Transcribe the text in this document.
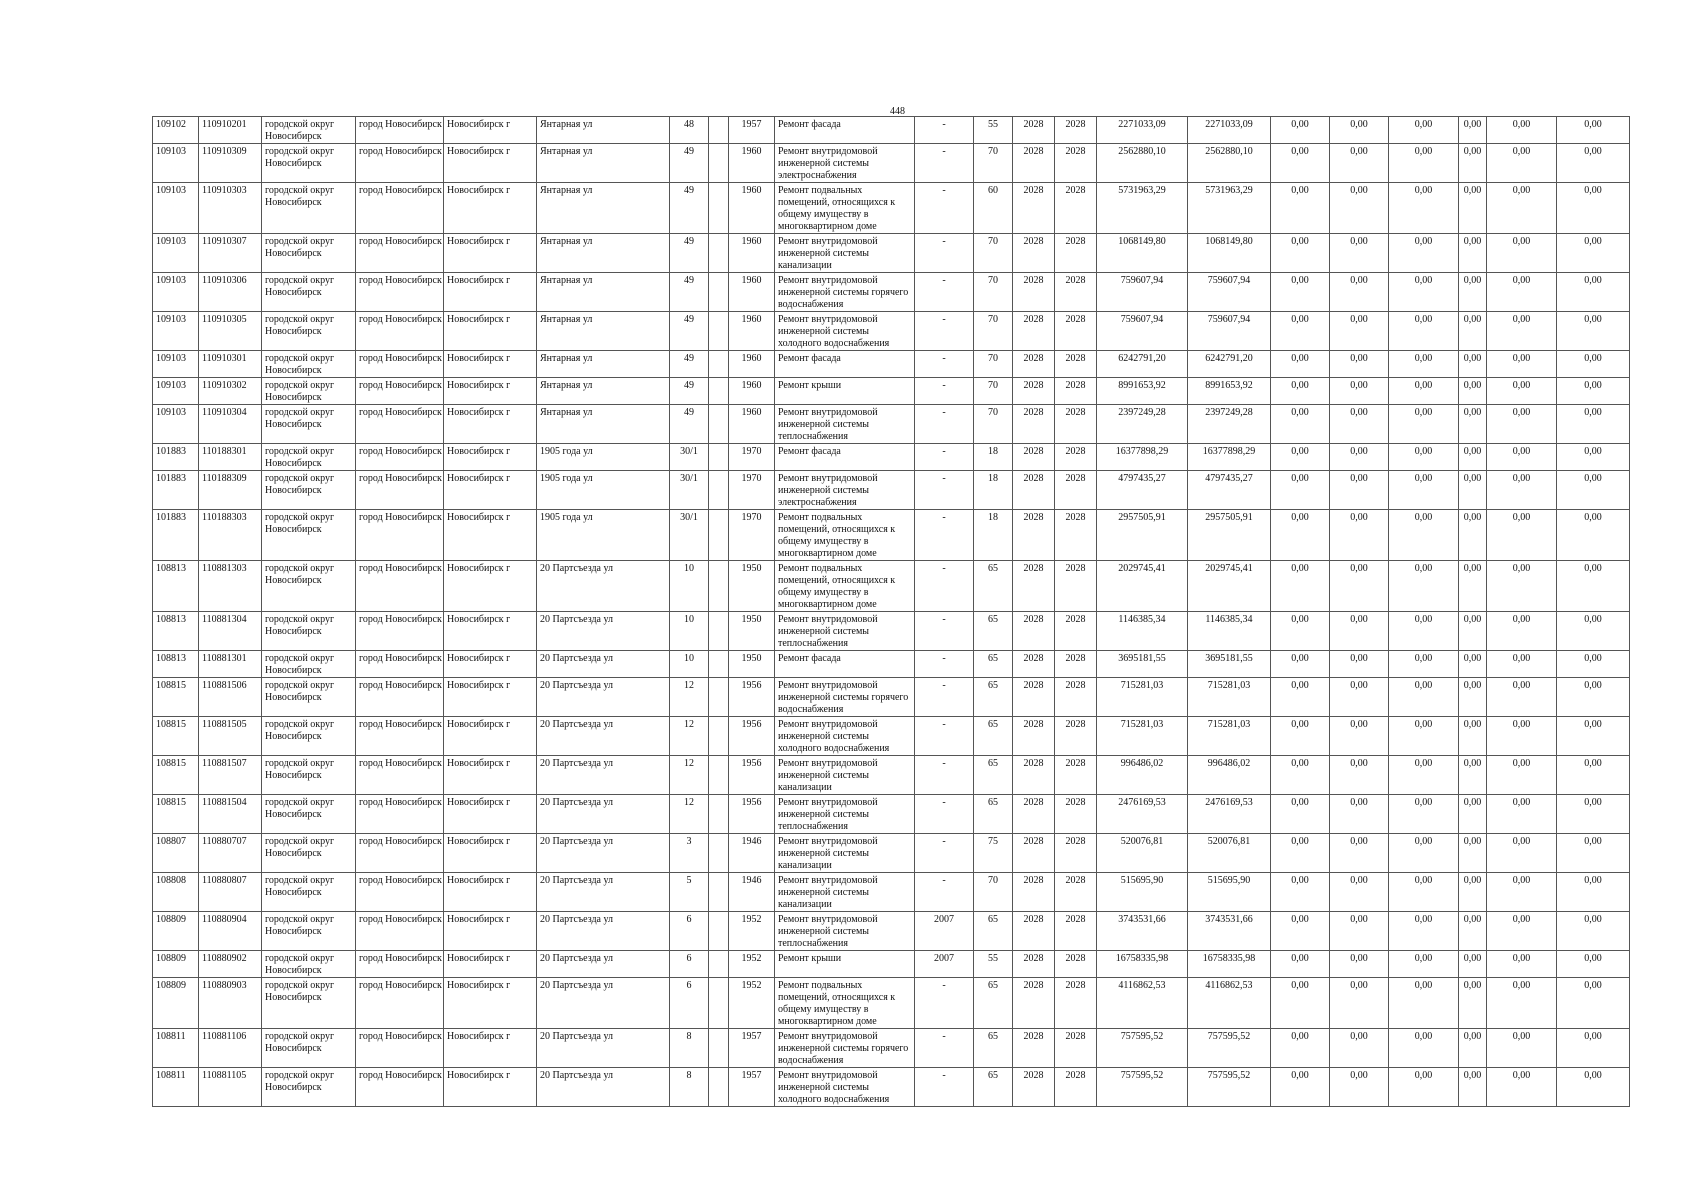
448
109102	110910201	городской округ Новосибирск	город Новосибирск	Новосибирск г	Янтарная ул	48		1957	Ремонт фасада	-	55	2028	2028	2271033,09	2271033,09	0,00	0,00	0,00	0,00	0,00	0,00
109103	110910309	городской округ Новосибирск	город Новосибирск	Новосибирск г	Янтарная ул	49		1960	Ремонт внутридомовой инженерной системы электроснабжения	-	70	2028	2028	2562880,10	2562880,10	0,00	0,00	0,00	0,00	0,00	0,00
109103	110910303	городской округ Новосибирск	город Новосибирск	Новосибирск г	Янтарная ул	49		1960	Ремонт подвальных помещений, относящихся к общему имуществу в многоквартирном доме	-	60	2028	2028	5731963,29	5731963,29	0,00	0,00	0,00	0,00	0,00	0,00
109103	110910307	городской округ Новосибирск	город Новосибирск	Новосибирск г	Янтарная ул	49		1960	Ремонт внутридомовой инженерной системы канализации	-	70	2028	2028	1068149,80	1068149,80	0,00	0,00	0,00	0,00	0,00	0,00
109103	110910306	городской округ Новосибирск	город Новосибирск	Новосибирск г	Янтарная ул	49		1960	Ремонт внутридомовой инженерной системы горячего водоснабжения	-	70	2028	2028	759607,94	759607,94	0,00	0,00	0,00	0,00	0,00	0,00
109103	110910305	городской округ Новосибирск	город Новосибирск	Новосибирск г	Янтарная ул	49		1960	Ремонт внутридомовой инженерной системы холодного водоснабжения	-	70	2028	2028	759607,94	759607,94	0,00	0,00	0,00	0,00	0,00	0,00
109103	110910301	городской округ Новосибирск	город Новосибирск	Новосибирск г	Янтарная ул	49		1960	Ремонт фасада	-	70	2028	2028	6242791,20	6242791,20	0,00	0,00	0,00	0,00	0,00	0,00
109103	110910302	городской округ Новосибирск	город Новосибирск	Новосибирск г	Янтарная ул	49		1960	Ремонт крыши	-	70	2028	2028	8991653,92	8991653,92	0,00	0,00	0,00	0,00	0,00	0,00
109103	110910304	городской округ Новосибирск	город Новосибирск	Новосибирск г	Янтарная ул	49		1960	Ремонт внутридомовой инженерной системы теплоснабжения	-	70	2028	2028	2397249,28	2397249,28	0,00	0,00	0,00	0,00	0,00	0,00
101883	110188301	городской округ Новосибирск	город Новосибирск	Новосибирск г	1905 года ул	30/1		1970	Ремонт фасада	-	18	2028	2028	16377898,29	16377898,29	0,00	0,00	0,00	0,00	0,00	0,00
101883	110188309	городской округ Новосибирск	город Новосибирск	Новосибирск г	1905 года ул	30/1		1970	Ремонт внутридомовой инженерной системы электроснабжения	-	18	2028	2028	4797435,27	4797435,27	0,00	0,00	0,00	0,00	0,00	0,00
101883	110188303	городской округ Новосибирск	город Новосибирск	Новосибирск г	1905 года ул	30/1		1970	Ремонт подвальных помещений, относящихся к общему имуществу в многоквартирном доме	-	18	2028	2028	2957505,91	2957505,91	0,00	0,00	0,00	0,00	0,00	0,00
108813	110881303	городской округ Новосибирск	город Новосибирск	Новосибирск г	20 Партсъезда ул	10		1950	Ремонт подвальных помещений, относящихся к общему имуществу в многоквартирном доме	-	65	2028	2028	2029745,41	2029745,41	0,00	0,00	0,00	0,00	0,00	0,00
108813	110881304	городской округ Новосибирск	город Новосибирск	Новосибирск г	20 Партсъезда ул	10		1950	Ремонт внутридомовой инженерной системы теплоснабжения	-	65	2028	2028	1146385,34	1146385,34	0,00	0,00	0,00	0,00	0,00	0,00
108813	110881301	городской округ Новосибирск	город Новосибирск	Новосибирск г	20 Партсъезда ул	10		1950	Ремонт фасада	-	65	2028	2028	3695181,55	3695181,55	0,00	0,00	0,00	0,00	0,00	0,00
108815	110881506	городской округ Новосибирск	город Новосибирск	Новосибирск г	20 Партсъезда ул	12		1956	Ремонт внутридомовой инженерной системы горячего водоснабжения	-	65	2028	2028	715281,03	715281,03	0,00	0,00	0,00	0,00	0,00	0,00
108815	110881505	городской округ Новосибирск	город Новосибирск	Новосибирск г	20 Партсъезда ул	12		1956	Ремонт внутридомовой инженерной системы холодного водоснабжения	-	65	2028	2028	715281,03	715281,03	0,00	0,00	0,00	0,00	0,00	0,00
108815	110881507	городской округ Новосибирск	город Новосибирск	Новосибирск г	20 Партсъезда ул	12		1956	Ремонт внутридомовой инженерной системы канализации	-	65	2028	2028	996486,02	996486,02	0,00	0,00	0,00	0,00	0,00	0,00
108815	110881504	городской округ Новосибирск	город Новосибирск	Новосибирск г	20 Партсъезда ул	12		1956	Ремонт внутридомовой инженерной системы теплоснабжения	-	65	2028	2028	2476169,53	2476169,53	0,00	0,00	0,00	0,00	0,00	0,00
108807	110880707	городской округ Новосибирск	город Новосибирск	Новосибирск г	20 Партсъезда ул	3		1946	Ремонт внутридомовой инженерной системы канализации	-	75	2028	2028	520076,81	520076,81	0,00	0,00	0,00	0,00	0,00	0,00
108808	110880807	городской округ Новосибирск	город Новосибирск	Новосибирск г	20 Партсъезда ул	5		1946	Ремонт внутридомовой инженерной системы канализации	-	70	2028	2028	515695,90	515695,90	0,00	0,00	0,00	0,00	0,00	0,00
108809	110880904	городской округ Новосибирск	город Новосибирск	Новосибирск г	20 Партсъезда ул	6		1952	Ремонт внутридомовой инженерной системы теплоснабжения	2007	65	2028	2028	3743531,66	3743531,66	0,00	0,00	0,00	0,00	0,00	0,00
108809	110880902	городской округ Новосибирск	город Новосибирск	Новосибирск г	20 Партсъезда ул	6		1952	Ремонт крыши	2007	55	2028	2028	16758335,98	16758335,98	0,00	0,00	0,00	0,00	0,00	0,00
108809	110880903	городской округ Новосибирск	город Новосибирск	Новосибирск г	20 Партсъезда ул	6		1952	Ремонт подвальных помещений, относящихся к общему имуществу в многоквартирном доме	-	65	2028	2028	4116862,53	4116862,53	0,00	0,00	0,00	0,00	0,00	0,00
108811	110881106	городской округ Новосибирск	город Новосибирск	Новосибирск г	20 Партсъезда ул	8		1957	Ремонт внутридомовой инженерной системы горячего водоснабжения	-	65	2028	2028	757595,52	757595,52	0,00	0,00	0,00	0,00	0,00	0,00
108811	110881105	городской округ Новосибирск	город Новосибирск	Новосибирск г	20 Партсъезда ул	8		1957	Ремонт внутридомовой инженерной системы холодного водоснабжения	-	65	2028	2028	757595,52	757595,52	0,00	0,00	0,00	0,00	0,00	0,00
